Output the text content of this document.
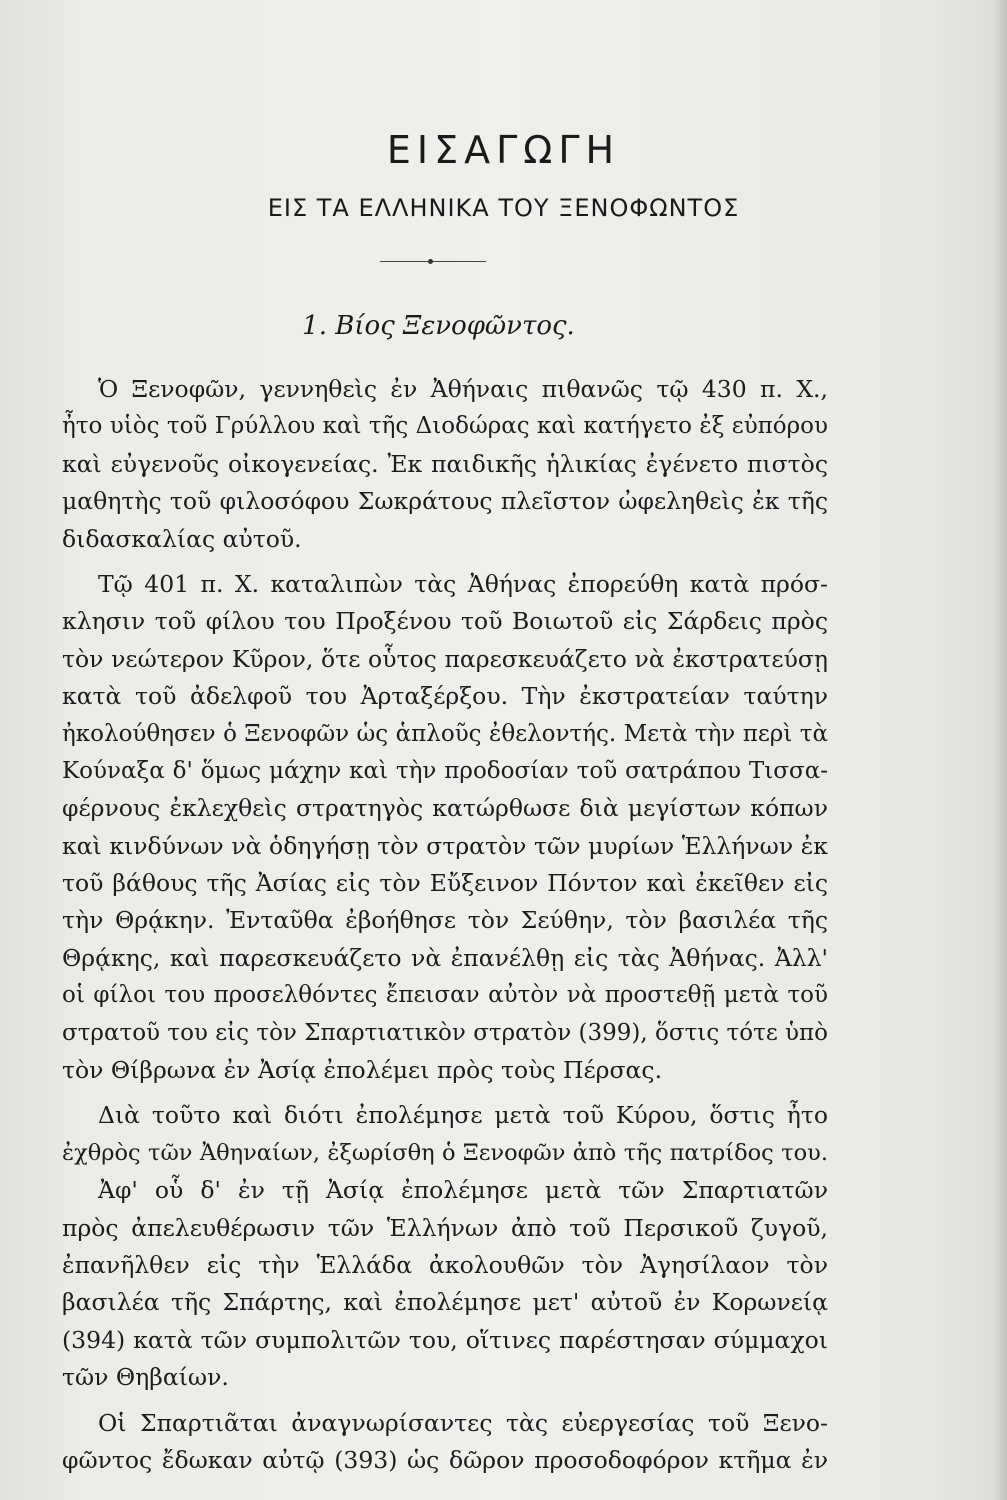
ΕΙΣΑΓΩΓΗ
ΕΙΣ ΤΑ ΕΛΛΗΝΙΚΑ ΤΟΥ ΞΕΝΟΦΩΝΤΟΣ
1. Βίος Ξενοφῶντος.
Ὁ Ξενοφῶν, γεννηθεὶς ἐν Ἀθήναις πιθανῶς τῷ 430 π. Χ.,
ἦτο υἱὸς τοῦ Γρύλλου καὶ τῆς Διοδώρας καὶ κατήγετο ἐξ εὐπόρου
καὶ εὐγενοῦς οἰκογενείας. Ἐκ παιδικῆς ἡλικίας ἐγένετο πιστὸς
μαθητὴς τοῦ φιλοσόφου Σωκράτους πλεῖστον ὠφεληθεὶς ἐκ τῆς
διδασκαλίας αὐτοῦ.
Τῷ 401 π. Χ. καταλιπὼν τὰς Ἀθήνας ἐπορεύθη κατὰ πρόσ-
κλησιν τοῦ φίλου του Προξένου τοῦ Βοιωτοῦ εἰς Σάρδεις πρὸς
τὸν νεώτερον Κῦρον, ὅτε οὗτος παρεσκευάζετο νὰ ἐκστρατεύσῃ
κατὰ τοῦ ἀδελφοῦ του Ἀρταξέρξου. Τὴν ἐκστρατείαν ταύτην
ἠκολούθησεν ὁ Ξενοφῶν ὡς ἁπλοῦς ἐθελοντής. Μετὰ τὴν περὶ τὰ
Κούναξα δ' ὅμως μάχην καὶ τὴν προδοσίαν τοῦ σατράπου Τισσα-
φέρνους ἐκλεχθεὶς στρατηγὸς κατώρθωσε διὰ μεγίστων κόπων
καὶ κινδύνων νὰ ὁδηγήσῃ τὸν στρατὸν τῶν μυρίων Ἑλλήνων ἐκ
τοῦ βάθους τῆς Ἀσίας εἰς τὸν Εὔξεινον Πόντον καὶ ἐκεῖθεν εἰς
τὴν Θρᾴκην. Ἐνταῦθα ἐβοήθησε τὸν Σεύθην, τὸν βασιλέα τῆς
Θρᾴκης, καὶ παρεσκευάζετο νὰ ἐπανέλθῃ εἰς τὰς Ἀθήνας. Ἀλλ'
οἱ φίλοι του προσελθόντες ἔπεισαν αὐτὸν νὰ προστεθῇ μετὰ τοῦ
στρατοῦ του εἰς τὸν Σπαρτιατικὸν στρατὸν (399), ὅστις τότε ὑπὸ
τὸν Θίβρωνα ἐν Ἀσίᾳ ἐπολέμει πρὸς τοὺς Πέρσας.
Διὰ τοῦτο καὶ διότι ἐπολέμησε μετὰ τοῦ Κύρου, ὅστις ἦτο
ἐχθρὸς τῶν Ἀθηναίων, ἐξωρίσθη ὁ Ξενοφῶν ἀπὸ τῆς πατρίδος του.
Ἀφ' οὗ δ' ἐν τῇ Ἀσίᾳ ἐπολέμησε μετὰ τῶν Σπαρτιατῶν
πρὸς ἀπελευθέρωσιν τῶν Ἑλλήνων ἀπὸ τοῦ Περσικοῦ ζυγοῦ,
ἐπανῆλθεν εἰς τὴν Ἑλλάδα ἀκολουθῶν τὸν Ἀγησίλαον τὸν
βασιλέα τῆς Σπάρτης, καὶ ἐπολέμησε μετ' αὐτοῦ ἐν Κορωνείᾳ
(394) κατὰ τῶν συμπολιτῶν του, οἵτινες παρέστησαν σύμμαχοι
τῶν Θηβαίων.
Οἱ Σπαρτιᾶται ἀναγνωρίσαντες τὰς εὐεργεσίας τοῦ Ξενο-
φῶντος ἔδωκαν αὐτῷ (393) ὡς δῶρον προσοδοφόρον κτῆμα ἐν
